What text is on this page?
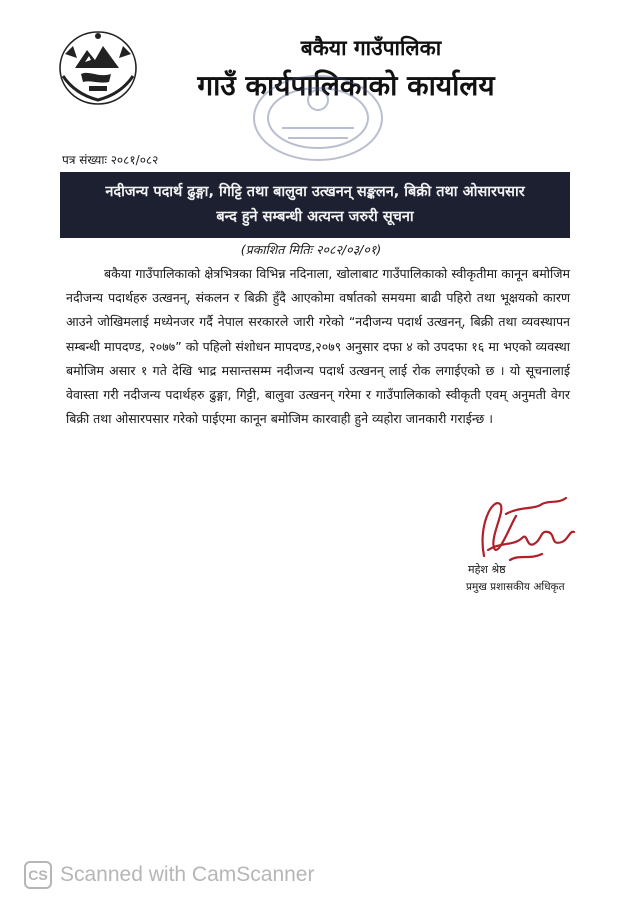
बकैया गाउँपालिका
गाउँ कार्यपालिकाको कार्यालय
पत्र संख्याः २०८१/०८२
नदीजन्य पदार्थ ढुङ्गा, गिट्टि तथा बालुवा उत्खनन् सङ्कलन, बिक्री तथा ओसारपसार
बन्द हुने सम्बन्धी अत्यन्त जरुरी सूचना
(प्रकाशित मितिः २०८२/०३/०१)
बकैया गाउँपालिकाको क्षेत्रभित्रका विभिन्न नदिनाला, खोलाबाट गाउँपालिकाको स्वीकृतीमा कानून बमोजिम नदीजन्य पदार्थहरु उत्खनन्, संकलन र बिक्री हुँदै आएकोमा वर्षातको समयमा बाढी पहिरो तथा भूक्षयको कारण आउने जोखिमलाई मध्येनजर गर्दै नेपाल सरकारले जारी गरेको “नदीजन्य पदार्थ उत्खनन्, बिक्री तथा व्यवस्थापन सम्बन्धी मापदण्ड, २०७७” को पहिलो संशोधन मापदण्ड,२०७९ अनुसार दफा ४ को उपदफा १६ मा भएको व्यवस्था बमोजिम असार १ गते देखि भाद्र मसान्तसम्म नदीजन्य पदार्थ उत्खनन् लाई रोक लगाईएको छ । यो सूचनालाई वेवास्ता गरी नदीजन्य पदार्थहरु ढुङ्गा, गिट्टी, बालुवा उत्खनन् गरेमा र गाउँपालिकाको स्वीकृती एवम् अनुमती वेगर बिक्री तथा ओसारपसार गरेको पाईएमा कानून बमोजिम कारवाही हुने व्यहोरा जानकारी गराईन्छ ।
महेश श्रेष्ठ
प्रमुख प्रशासकीय अधिकृत
CS Scanned with CamScanner
